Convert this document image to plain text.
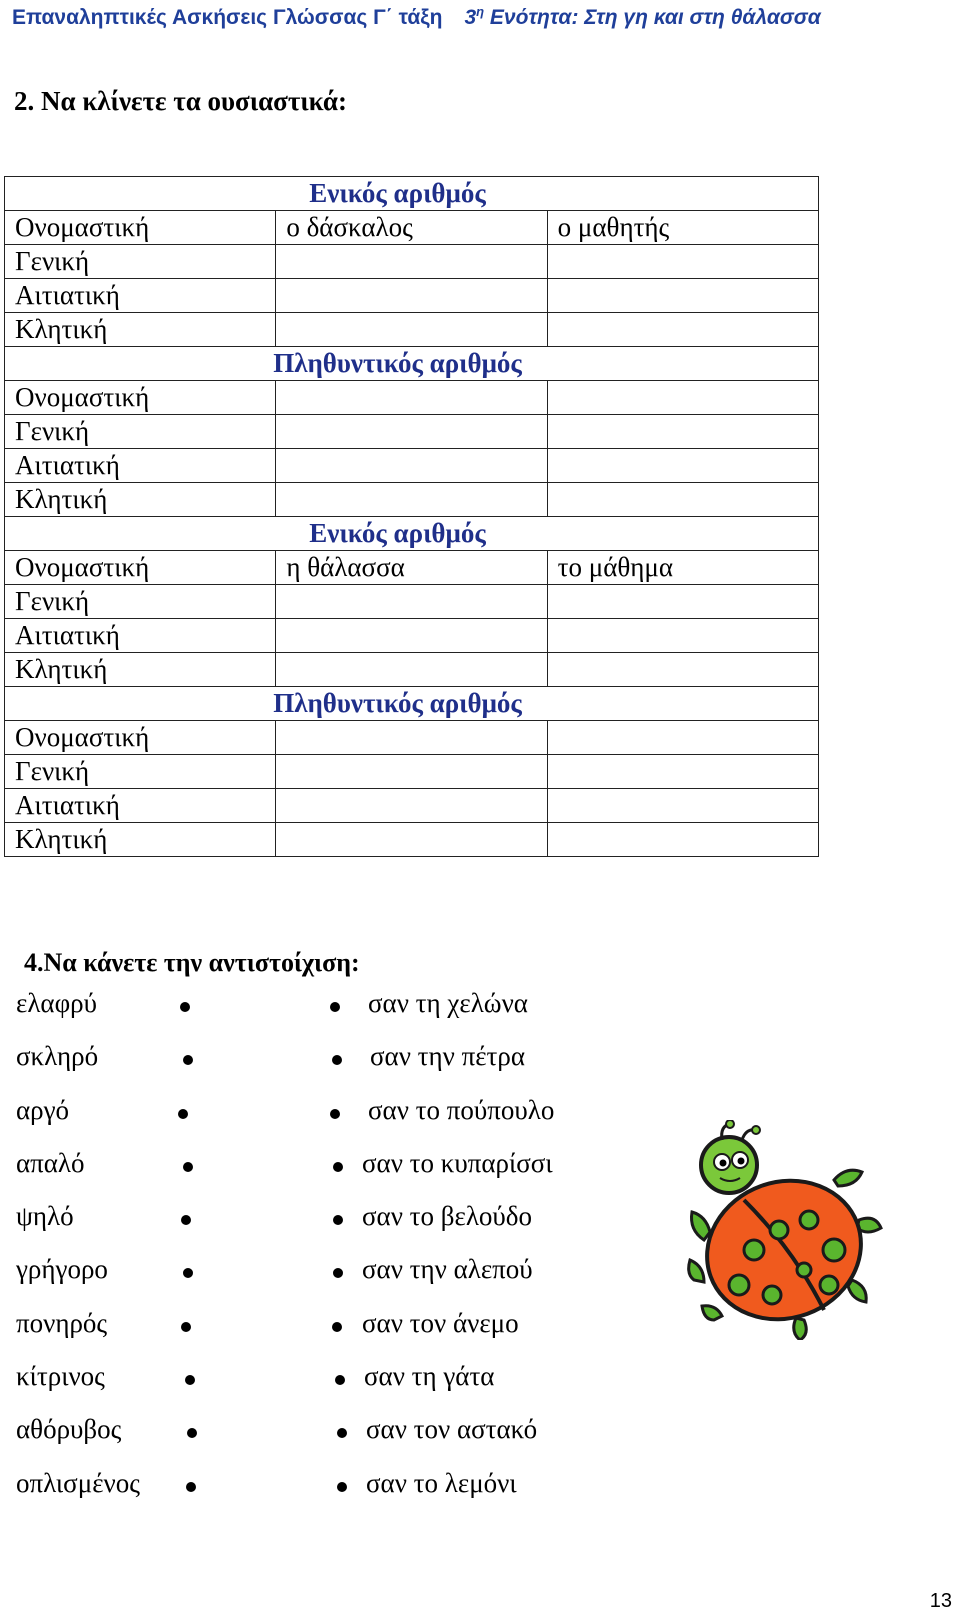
Επαναληπτικές Ασκήσεις Γλώσσας Γ΄ τάξη $3^\eta$ Ενότητα: Στη γη και στη θάλασσα
2. Να κλίνετε τα ουσιαστικά:
Ενικός αριθμός		
Ονομαστική	ο δάσκαλος	ο μαθητής
Γενική		
Αιτιατική		
Κλητική		
Πληθυντικός αριθμός		
Ονομαστική		
Γενική		
Αιτιατική		
Κλητική		
Ενικός αριθμός		
Ονομαστική	η θάλασσα	το μάθημα
Γενική		
Αιτιατική		
Κλητική		
Πληθυντικός αριθμός		
Ονομαστική		
Γενική		
Αιτιατική		
Κλητική		
4.Να κάνετε την αντιστοίχιση:
ελαφρύ	σαν τη χελώνα
σκληρό	σαν την πέτρα
αργό	σαν το πούπουλο
απαλό	σαν το κυπαρίσσι
ψηλό	σαν το βελούδο
γρήγορο	σαν την αλεπού
πονηρός	σαν τον άνεμο
κίτρινος	σαν τη γάτα
αθόρυβος	σαν τον αστακό
οπλισμένος	σαν το λεμόνι
13
